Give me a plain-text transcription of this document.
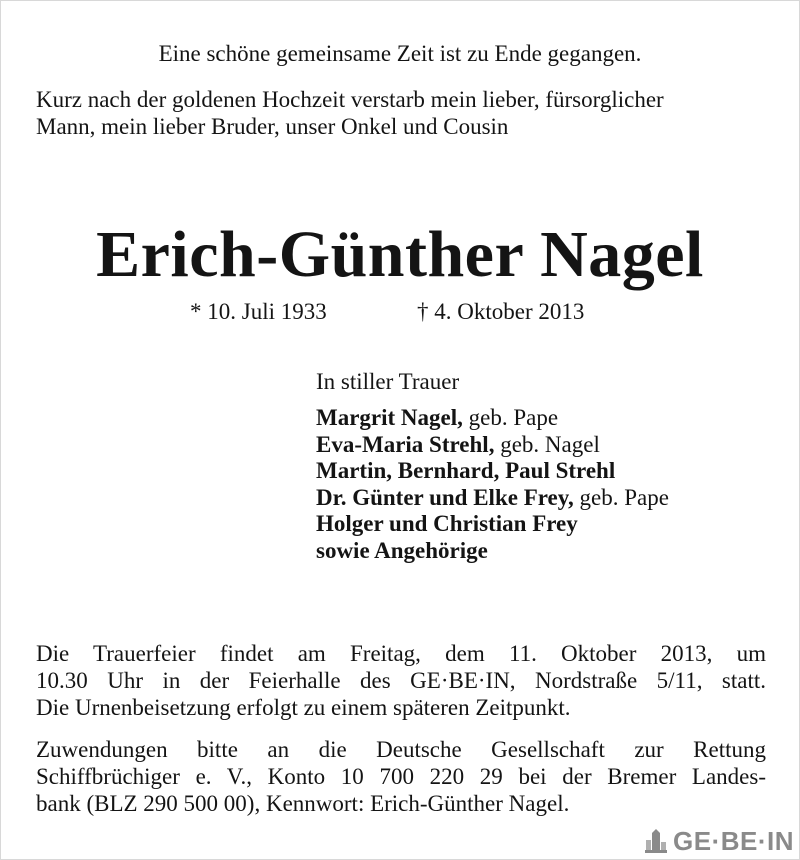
Eine schöne gemeinsame Zeit ist zu Ende gegangen.
Kurz nach der goldenen Hochzeit verstarb mein lieber, fürsorglicher
Mann, mein lieber Bruder, unser Onkel und Cousin
Erich-Günther Nagel
* 10. Juli 1933	† 4. Oktober 2013
In stiller Trauer
Margrit Nagel, geb. Pape
Eva-Maria Strehl, geb. Nagel
Martin, Bernhard, Paul Strehl
Dr. Günter und Elke Frey, geb. Pape
Holger und Christian Frey
sowie Angehörige
Die Trauerfeier findet am Freitag, dem 11. Oktober 2013, um
10.30 Uhr in der Feierhalle des GE·BE·IN, Nordstraße 5/11, statt.
Die Urnenbeisetzung erfolgt zu einem späteren Zeitpunkt.
Zuwendungen bitte an die Deutsche Gesellschaft zur Rettung
Schiffbrüchiger e. V., Konto 10 700 220 29 bei der Bremer Landes-
bank (BLZ 290 500 00), Kennwort: Erich-Günther Nagel.
GE·BE·IN
